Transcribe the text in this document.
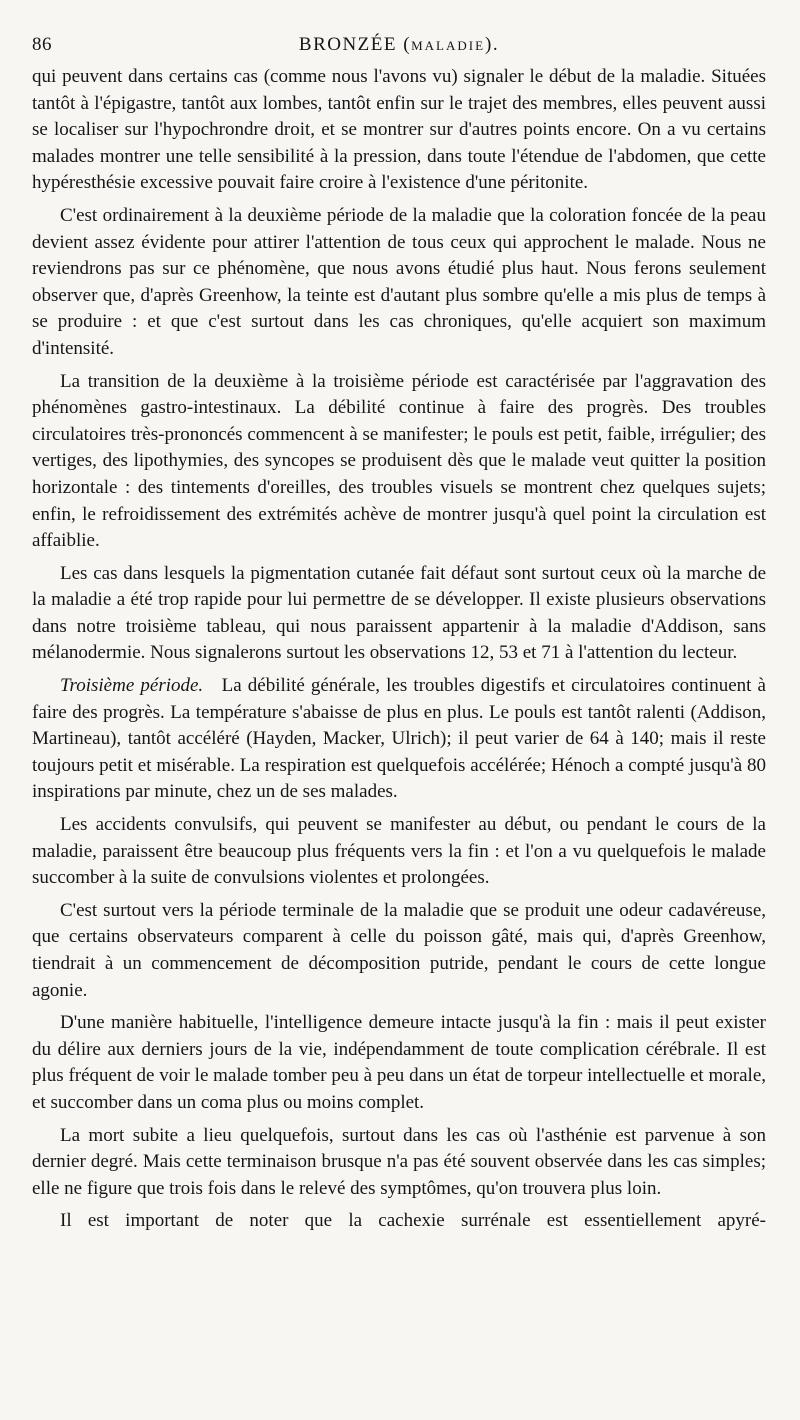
86	BRONZÉE (MALADIE).

qui peuvent dans certains cas (comme nous l'avons vu) signaler le début de la maladie. Situées tantôt à l'épigastre, tantôt aux lombes, tantôt enfin sur le trajet des membres, elles peuvent aussi se localiser sur l'hypochrondre droit, et se montrer sur d'autres points encore. On a vu certains malades montrer une telle sensibilité à la pression, dans toute l'étendue de l'abdomen, que cette hypéresthésie excessive pouvait faire croire à l'existence d'une péritonite.

C'est ordinairement à la deuxième période de la maladie que la coloration foncée de la peau devient assez évidente pour attirer l'attention de tous ceux qui approchent le malade. Nous ne reviendrons pas sur ce phénomène, que nous avons étudié plus haut. Nous ferons seulement observer que, d'après Greenhow, la teinte est d'autant plus sombre qu'elle a mis plus de temps à se produire : et que c'est surtout dans les cas chroniques, qu'elle acquiert son maximum d'intensité.

La transition de la deuxième à la troisième période est caractérisée par l'aggravation des phénomènes gastro-intestinaux. La débilité continue à faire des progrès. Des troubles circulatoires très-prononcés commencent à se manifester; le pouls est petit, faible, irrégulier; des vertiges, des lipothymies, des syncopes se produisent dès que le malade veut quitter la position horizontale : des tintements d'oreilles, des troubles visuels se montrent chez quelques sujets; enfin, le refroidissement des extrémités achève de montrer jusqu'à quel point la circulation est affaiblie.

Les cas dans lesquels la pigmentation cutanée fait défaut sont surtout ceux où la marche de la maladie a été trop rapide pour lui permettre de se développer. Il existe plusieurs observations dans notre troisième tableau, qui nous paraissent appartenir à la maladie d'Addison, sans mélanodermie. Nous signalerons surtout les observations 12, 53 et 71 à l'attention du lecteur.

Troisième période. La débilité générale, les troubles digestifs et circulatoires continuent à faire des progrès. La température s'abaisse de plus en plus. Le pouls est tantôt ralenti (Addison, Martineau), tantôt accéléré (Hayden, Macker, Ulrich); il peut varier de 64 à 140; mais il reste toujours petit et misérable. La respiration est quelquefois accélérée; Hénoch a compté jusqu'à 80 inspirations par minute, chez un de ses malades.

Les accidents convulsifs, qui peuvent se manifester au début, ou pendant le cours de la maladie, paraissent être beaucoup plus fréquents vers la fin : et l'on a vu quelquefois le malade succomber à la suite de convulsions violentes et prolongées.

C'est surtout vers la période terminale de la maladie que se produit une odeur cadavéreuse, que certains observateurs comparent à celle du poisson gâté, mais qui, d'après Greenhow, tiendrait à un commencement de décomposition putride, pendant le cours de cette longue agonie.

D'une manière habituelle, l'intelligence demeure intacte jusqu'à la fin : mais il peut exister du délire aux derniers jours de la vie, indépendamment de toute complication cérébrale. Il est plus fréquent de voir le malade tomber peu à peu dans un état de torpeur intellectuelle et morale, et succomber dans un coma plus ou moins complet.

La mort subite a lieu quelquefois, surtout dans les cas où l'asthénie est parvenue à son dernier degré. Mais cette terminaison brusque n'a pas été souvent observée dans les cas simples; elle ne figure que trois fois dans le relevé des symptômes, qu'on trouvera plus loin.

Il est important de noter que la cachexie surrénale est essentiellement apyré-
